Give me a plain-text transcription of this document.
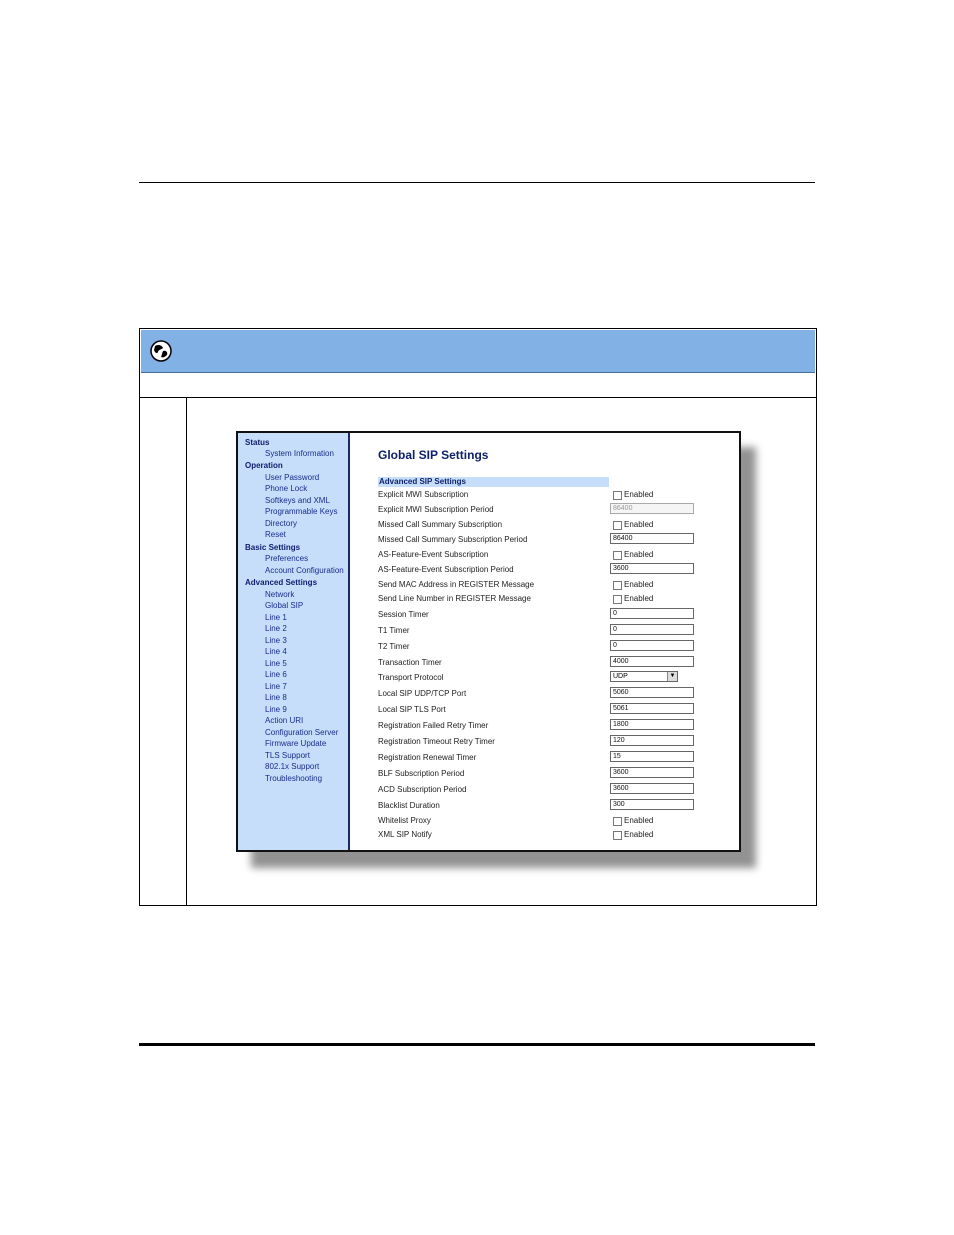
Status
System Information
Operation
User Password
Phone Lock
Softkeys and XML
Programmable Keys
Directory
Reset
Basic Settings
Preferences
Account Configuration
Advanced Settings
Network
Global SIP
Line 1
Line 2
Line 3
Line 4
Line 5
Line 6
Line 7
Line 8
Line 9
Action URI
Configuration Server
Firmware Update
TLS Support
802.1x Support
Troubleshooting
Global SIP Settings
Advanced SIP Settings
Explicit MWI Subscription	Enabled
Explicit MWI Subscription Period	86400
Missed Call Summary Subscription	Enabled
Missed Call Summary Subscription Period	86400
AS-Feature-Event Subscription	Enabled
AS-Feature-Event Subscription Period	3600
Send MAC Address in REGISTER Message	Enabled
Send Line Number in REGISTER Message	Enabled
Session Timer	0
T1 Timer	0
T2 Timer	0
Transaction Timer	4000
Transport Protocol	UDP	▼
Local SIP UDP/TCP Port	5060
Local SIP TLS Port	5061
Registration Failed Retry Timer	1800
Registration Timeout Retry Timer	120
Registration Renewal Timer	15
BLF Subscription Period	3600
ACD Subscription Period	3600
Blacklist Duration	300
Whitelist Proxy	Enabled
XML SIP Notify	Enabled
